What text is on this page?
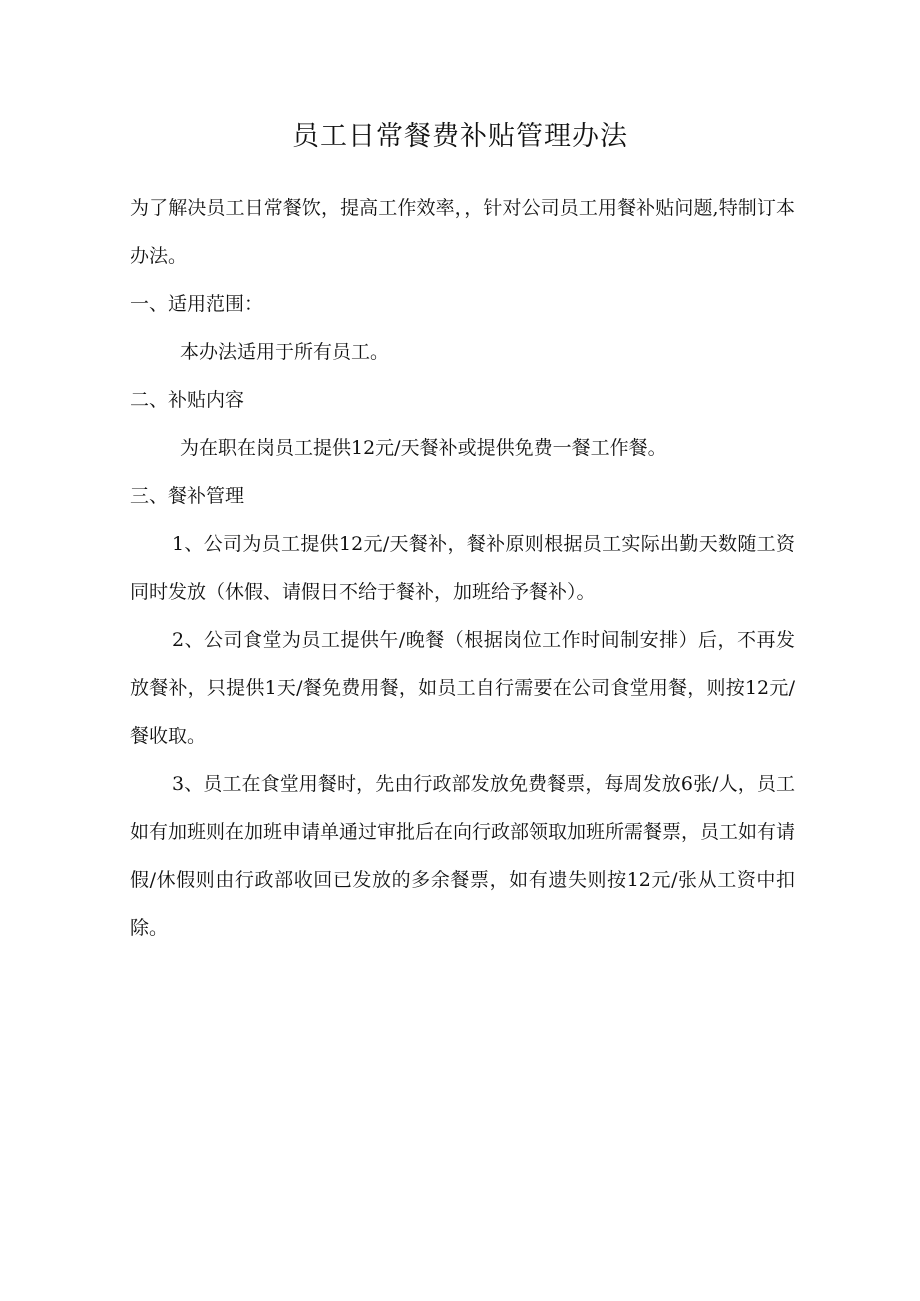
员工日常餐费补贴管理办法

为了解决员工日常餐饮，提高工作效率，，针对公司员工用餐补贴问题,特制订本办法。

一、适用范围：

本办法适用于所有员工。

二、补贴内容

为在职在岗员工提供12元/天餐补或提供免费一餐工作餐。

三、餐补管理

1、公司为员工提供12元/天餐补，餐补原则根据员工实际出勤天数随工资同时发放（休假、请假日不给于餐补，加班给予餐补）。

2、公司食堂为员工提供午/晚餐（根据岗位工作时间制安排）后，不再发放餐补，只提供1天/餐免费用餐，如员工自行需要在公司食堂用餐，则按12元/餐收取。

3、员工在食堂用餐时，先由行政部发放免费餐票，每周发放6张/人，员工如有加班则在加班申请单通过审批后在向行政部领取加班所需餐票，员工如有请假/休假则由行政部收回已发放的多余餐票，如有遗失则按12元/张从工资中扣除。
